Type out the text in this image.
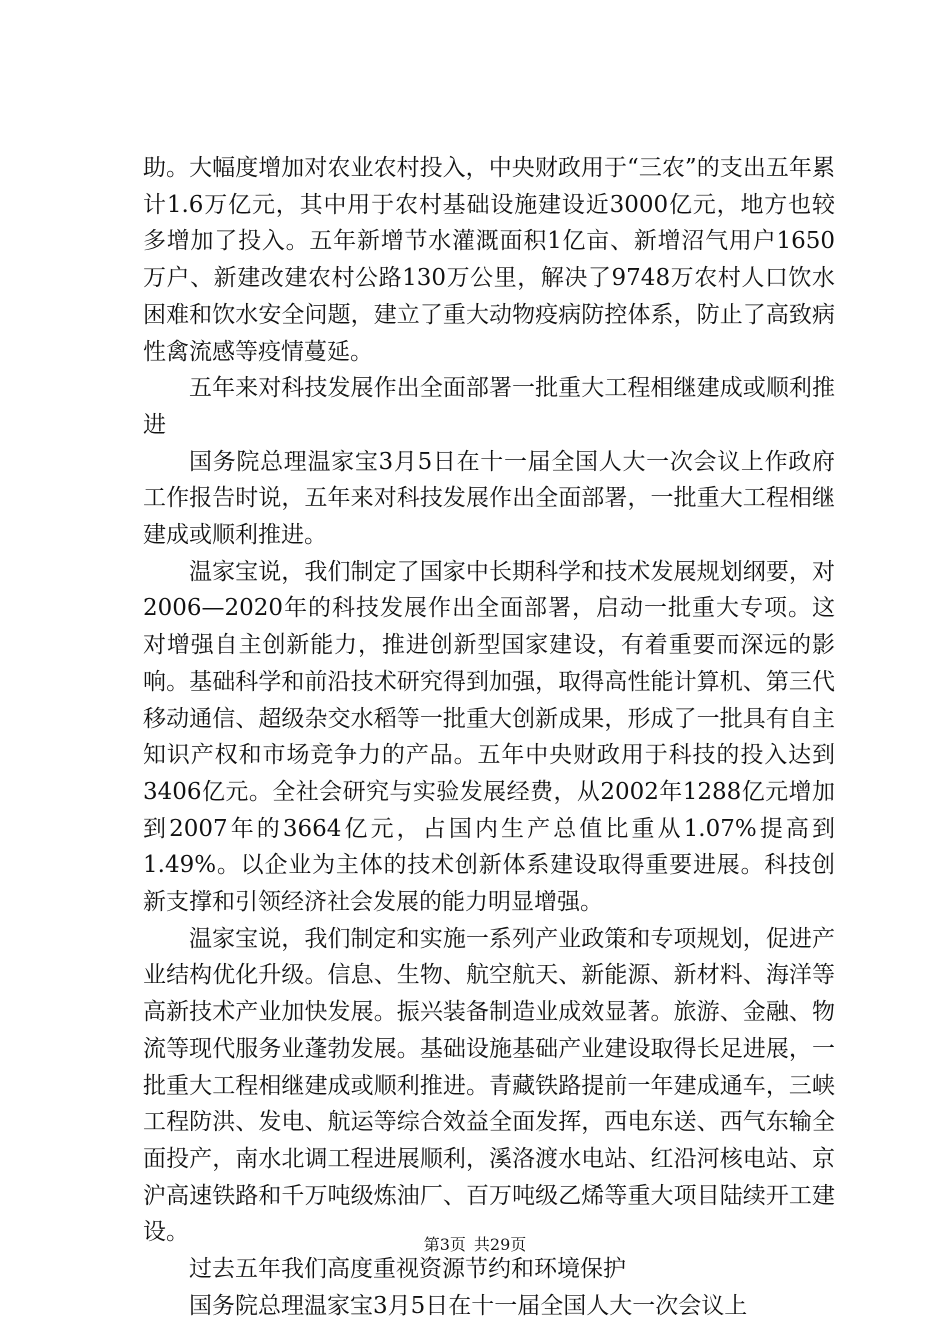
助。大幅度增加对农业农村投入，中央财政用于“三农”的支出五年累计1.6万亿元，其中用于农村基础设施建设近3000亿元，地方也较多增加了投入。五年新增节水灌溉面积1亿亩、新增沼气用户1650万户、新建改建农村公路130万公里，解决了9748万农村人口饮水困难和饮水安全问题，建立了重大动物疫病防控体系，防止了高致病性禽流感等疫情蔓延。

五年来对科技发展作出全面部署一批重大工程相继建成或顺利推进

国务院总理温家宝3月5日在十一届全国人大一次会议上作政府工作报告时说，五年来对科技发展作出全面部署，一批重大工程相继建成或顺利推进。

温家宝说，我们制定了国家中长期科学和技术发展规划纲要，对2006—2020年的科技发展作出全面部署，启动一批重大专项。这对增强自主创新能力，推进创新型国家建设，有着重要而深远的影响。基础科学和前沿技术研究得到加强，取得高性能计算机、第三代移动通信、超级杂交水稻等一批重大创新成果，形成了一批具有自主知识产权和市场竞争力的产品。五年中央财政用于科技的投入达到3406亿元。全社会研究与实验发展经费，从2002年1288亿元增加到2007年的3664亿元，占国内生产总值比重从1.07%提高到1.49%。以企业为主体的技术创新体系建设取得重要进展。科技创新支撑和引领经济社会发展的能力明显增强。

温家宝说，我们制定和实施一系列产业政策和专项规划，促进产业结构优化升级。信息、生物、航空航天、新能源、新材料、海洋等高新技术产业加快发展。振兴装备制造业成效显著。旅游、金融、物流等现代服务业蓬勃发展。基础设施基础产业建设取得长足进展，一批重大工程相继建成或顺利推进。青藏铁路提前一年建成通车，三峡工程防洪、发电、航运等综合效益全面发挥，西电东送、西气东输全面投产，南水北调工程进展顺利，溪洛渡水电站、红沿河核电站、京沪高速铁路和千万吨级炼油厂、百万吨级乙烯等重大项目陆续开工建设。

过去五年我们高度重视资源节约和环境保护

国务院总理温家宝3月5日在十一届全国人大一次会议上

第3页 共29页
